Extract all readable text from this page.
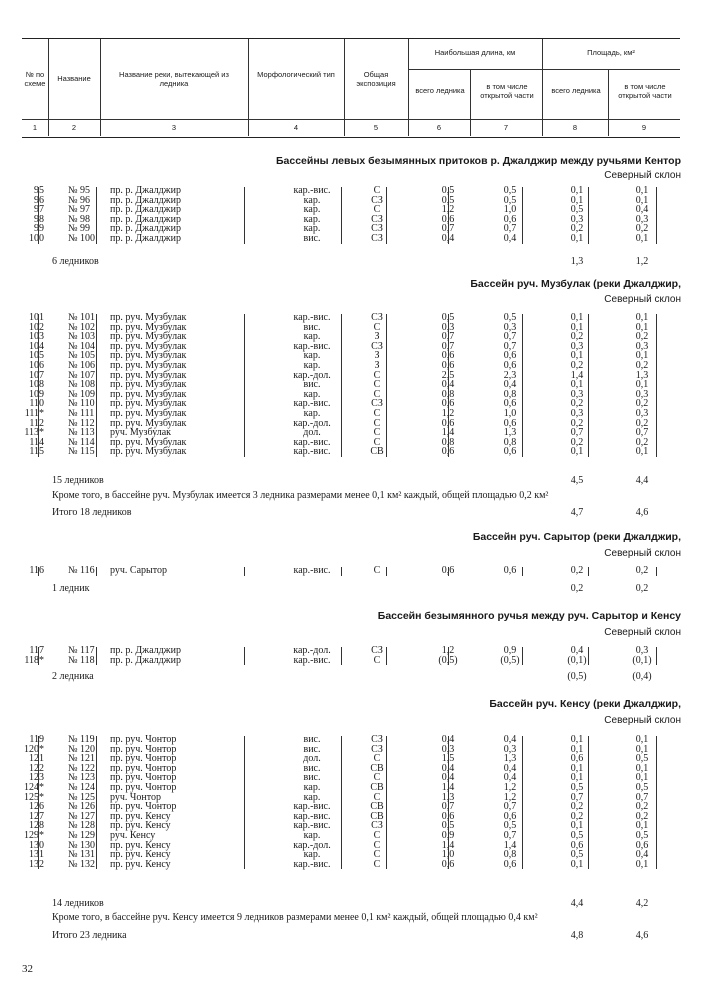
№ по схеме	Название	Название реки, вытекающей из ледника
Морфологический тип	Общая экспозиция
Наибольшая длина, км
всего ледника	в том числе открытой части
Площадь, км²
всего ледника	в том числе открытой части
1	2	3	4	5	6	7	8	9
Бассейны левых безымянных притоков р. Джалджир между ручьями Кентор
Северный склон
95 № 95	пр. р. Джалджир	кар.-вис.	С	0,5	0,5	0,1	0,1
96 № 96	пр. р. Джалджир	кар.	СЗ	0,5	0,5	0,1	0,1
97 № 97	пр. р. Джалджир	кар.	С	1,2	1,0	0,5	0,4
98 № 98	пр. р. Джалджир	кар.	СЗ	0,6	0,6	0,3	0,3
99 № 99	пр. р. Джалджир	кар.	СЗ	0,7	0,7	0,2	0,2
100 № 100	пр. р. Джалджир	вис.	СЗ	0,4	0,4	0,1	0,1
6 ледников	1,3	1,2
Бассейн руч. Музбулак (реки Джалджир,
Северный склон
101 № 101	пр. руч. Музбулак	кар.-вис.	СЗ	0,5	0,5	0,1	0,1
102 № 102	пр. руч. Музбулак	вис.	С	0,3	0,3	0,1	0,1
103 № 103	пр. руч. Музбулак	кар.	З	0,7	0,7	0,2	0,2
104 № 104	пр. руч. Музбулак	кар.-вис.	СЗ	0,7	0,7	0,3	0,3
105 № 105	пр. руч. Музбулак	кар.	З	0,6	0,6	0,1	0,1
106 № 106	пр. руч. Музбулак	кар.	З	0,6	0,6	0,2	0,2
107 № 107	пр. руч. Музбулак	кар.-дол.	С	2,5	2,3	1,4	1,3
108 № 108	пр. руч. Музбулак	вис.	С	0,4	0,4	0,1	0,1
109 № 109	пр. руч. Музбулак	кар.	С	0,8	0,8	0,3	0,3
110 № 110	пр. руч. Музбулак	кар.-вис.	СЗ	0,6	0,6	0,2	0,2
111* № 111	пр. руч. Музбулак	кар.	С	1,2	1,0	0,3	0,3
112 № 112	пр. руч. Музбулак	кар.-дол.	С	0,6	0,6	0,2	0,2
113* № 113	руч. Музбулак	дол.	С	1,4	1,3	0,7	0,7
114 № 114	пр. руч. Музбулак	кар.-вис.	С	0,8	0,8	0,2	0,2
115 № 115	пр. руч. Музбулак	кар.-вис.	СВ	0,6	0,6	0,1	0,1
15 ледников	4,5	4,4
Кроме того, в бассейне руч. Музбулак имеется 3 ледника размерами менее 0,1 км² каждый, общей площадью 0,2 км²
Итого 18 ледников	4,7	4,6
Бассейн руч. Сарытор (реки Джалджир,
Северный склон
116 № 116	руч. Сарытор	кар.-вис.	С	0,6	0,6	0,2	0,2
1 ледник	0,2	0,2
Бассейн безымянного ручья между руч. Сарытор и Кенсу
Северный склон
117 № 117	пр. р. Джалджир	кар.-дол.	СЗ	1,2	0,9	0,4	0,3
118* № 118	пр. р. Джалджир	кар.-вис.	С	(0,5)	(0,5)	(0,1)	(0,1)
2 ледника	(0,5)	(0,4)
Бассейн руч. Кенсу (реки Джалджир,
Северный склон
119 № 119	пр. руч. Чонтор	вис.	СЗ	0,4	0,4	0,1	0,1
120* № 120	пр. руч. Чонтор	вис.	СЗ	0,3	0,3	0,1	0,1
121 № 121	пр. руч. Чонтор	дол.	С	1,5	1,3	0,6	0,5
122 № 122	пр. руч. Чонтор	вис.	СВ	0,4	0,4	0,1	0,1
123 № 123	пр. руч. Чонтор	вис.	С	0,4	0,4	0,1	0,1
124* № 124	пр. руч. Чонтор	кар.	СВ	1,4	1,2	0,5	0,5
125* № 125	руч. Чонтор	кар.	С	1,3	1,2	0,7	0,7
126 № 126	пр. руч. Чонтор	кар.-вис.	СВ	0,7	0,7	0,2	0,2
127 № 127	пр. руч. Кенсу	кар.-вис.	СВ	0,6	0,6	0,2	0,2
128 № 128	пр. руч. Кенсу	кар.-вис.	СЗ	0,5	0,5	0,1	0,1
129* № 129	руч. Кенсу	кар.	С	0,9	0,7	0,5	0,5
130 № 130	пр. руч. Кенсу	кар.-дол.	С	1,4	1,4	0,6	0,6
131 № 131	пр. руч. Кенсу	кар.	С	1,0	0,8	0,5	0,4
132 № 132	пр. руч. Кенсу	кар.-вис.	С	0,6	0,6	0,1	0,1
14 ледников	4,4	4,2
Кроме того, в бассейне руч. Кенсу имеется 9 ледников размерами менее 0,1 км² каждый, общей площадью 0,4 км²
Итого 23 ледника	4,8	4,6
32
